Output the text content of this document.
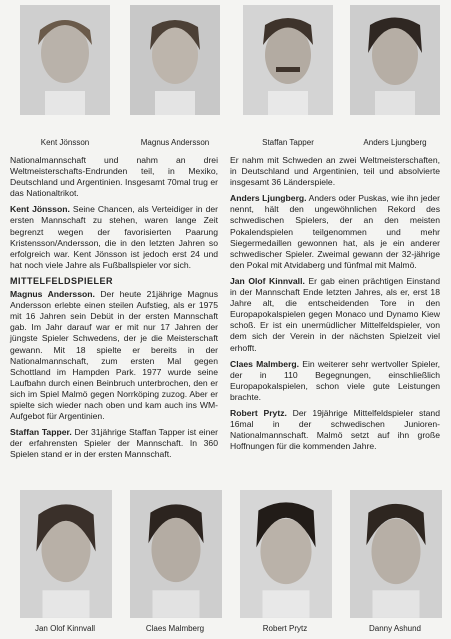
Kent Jönsson	Magnus Andersson	Staffan Tapper	Anders Ljungberg

Nationalmannschaft und nahm an drei Weltmeisterschafts-Endrunden teil, in Mexiko, Deutschland und Argentinien. Insgesamt 70mal trug er das Nationaltrikot.

Kent Jönsson. Seine Chancen, als Verteidiger in der ersten Mannschaft zu stehen, waren lange Zeit begrenzt wegen der favorisierten Paarung Kristensson/Andersson, die in den letzten Jahren so erfolgreich war. Kent Jönsson ist jedoch erst 24 und hat noch viele Jahre als Fußballspieler vor sich.

MITTELFELDSPIELER

Magnus Andersson. Der heute 21jährige Magnus Andersson erlebte einen steilen Aufstieg, als er 1975 mit 16 Jahren sein Debüt in der ersten Mannschaft gab. Im Jahr darauf war er mit nur 17 Jahren der jüngste Spieler Schwedens, der je die Meisterschaft gewann. Mit 18 spielte er bereits in der Nationalmannschaft, zum ersten Mal gegen Schottland im Hampden Park. 1977 wurde seine Laufbahn durch einen Beinbruch unterbrochen, den er sich im Spiel Malmö gegen Norrköping zuzog. Aber er spielte sich wieder nach oben und kam auch ins WM-Aufgebot für Argentinien.

Staffan Tapper. Der 31jährige Staffan Tapper ist einer der erfahrensten Spieler der Mannschaft. In 360 Spielen stand er in der ersten Mannschaft.

Er nahm mit Schweden an zwei Weltmeisterschaften, in Deutschland und Argentinien, teil und absolvierte insgesamt 36 Länderspiele.

Anders Ljungberg. Anders oder Puskas, wie ihn jeder nennt, hält den ungewöhnlichen Rekord des schwedischen Spielers, der an den meisten Pokalendspielen teilgenommen und mehr Siegermedaillen gewonnen hat, als je ein anderer schwedischer Spieler. Zweimal gewann der 32-jährige den Pokal mit Atvidaberg und fünfmal mit Malmö.

Jan Olof Kinnvall. Er gab einen prächtigen Einstand in der Mannschaft Ende letzten Jahres, als er, erst 18 Jahre alt, die entscheidenden Tore in den Europapokalspielen gegen Monaco und Dynamo Kiew schoß. Er ist ein unermüdlicher Mittelfeldspieler, von dem sich der Verein in der nächsten Spielzeit viel erhofft.

Claes Malmberg. Ein weiterer sehr wertvoller Spieler, der in 110 Begegnungen, einschließlich Europapokalspielen, schon viele gute Leistungen brachte.

Robert Prytz. Der 19jährige Mittelfeldspieler stand 16mal in der schwedischen Junioren-Nationalmannschaft. Malmö setzt auf ihn große Hoffnungen für die kommenden Jahre.

Jan Olof Kinnvall	Claes Malmberg	Robert Prytz	Danny Ashund
